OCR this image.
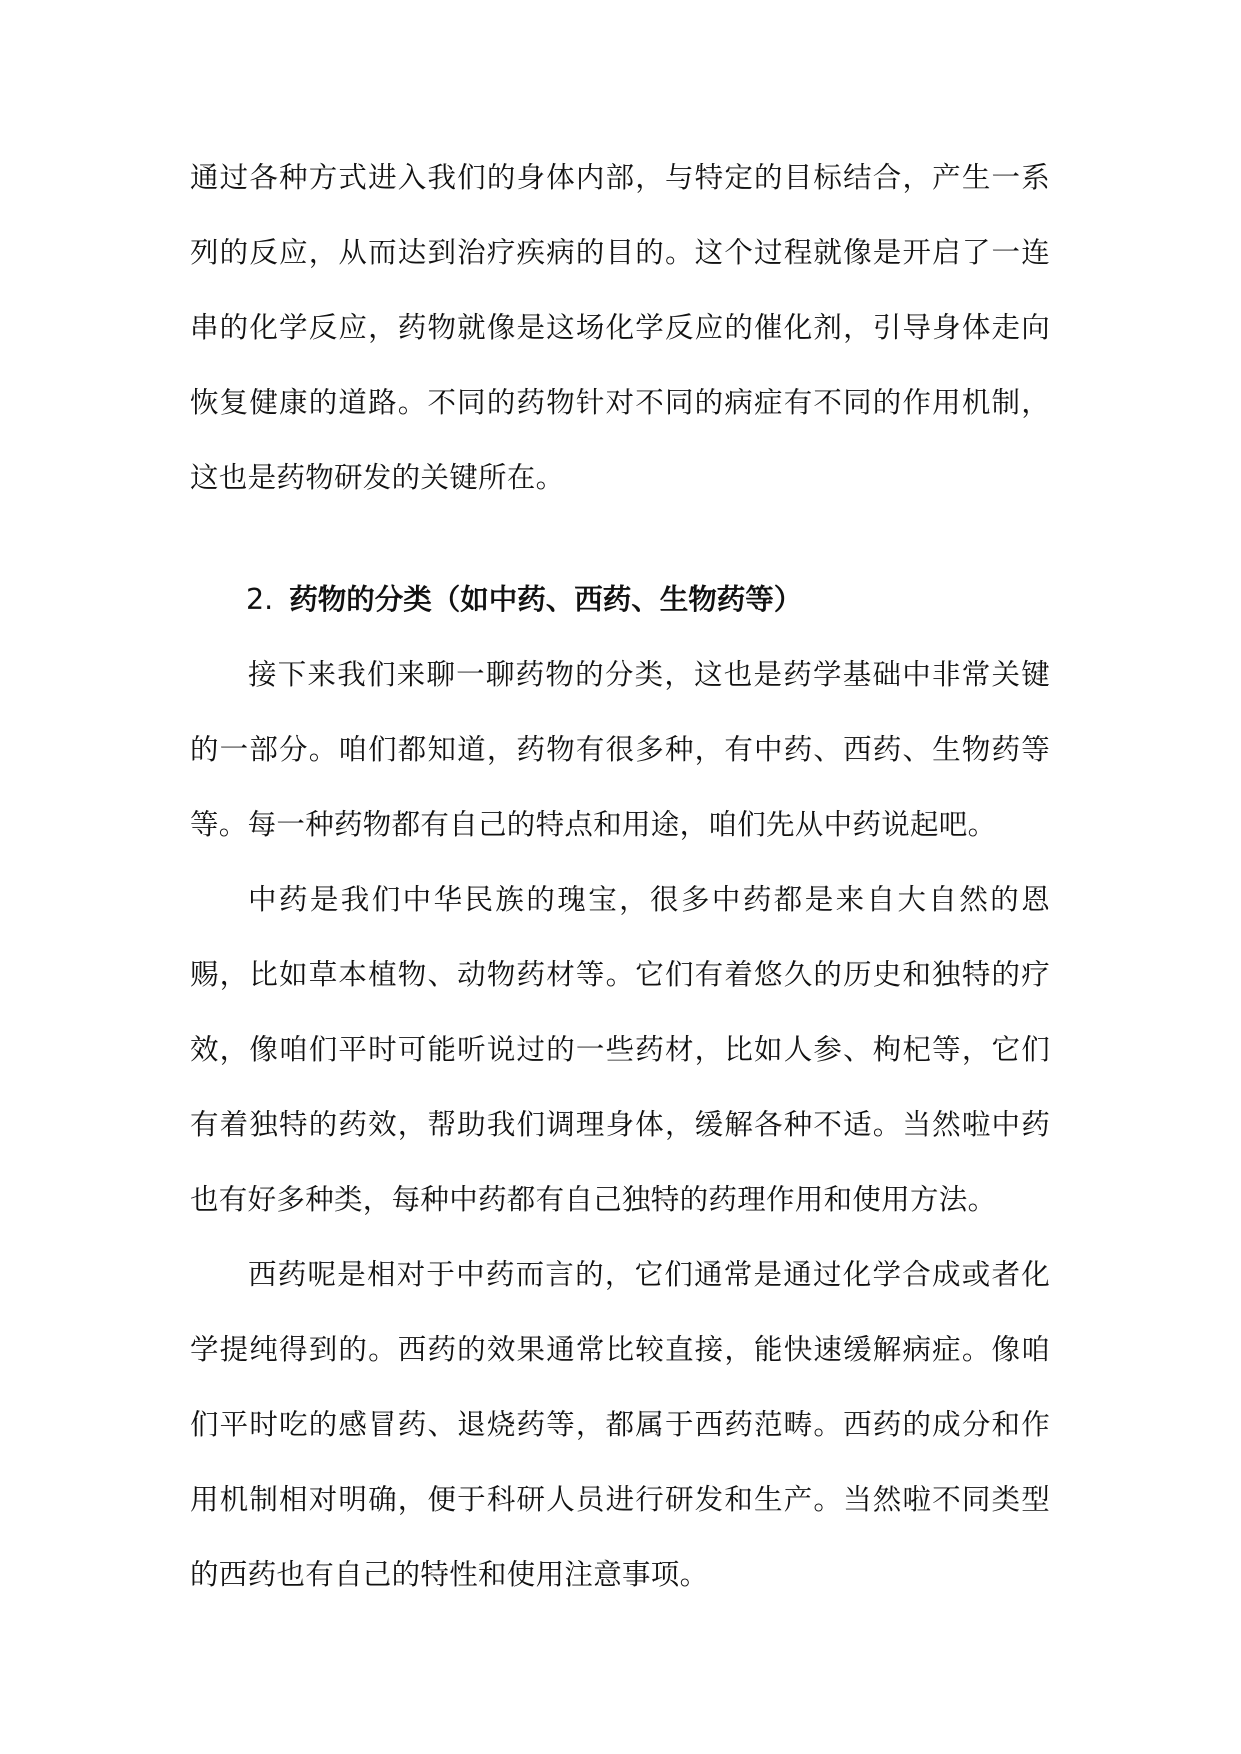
通过各种方式进入我们的身体内部，与特定的目标结合，产生一系列的反应，从而达到治疗疾病的目的。这个过程就像是开启了一连串的化学反应，药物就像是这场化学反应的催化剂，引导身体走向恢复健康的道路。不同的药物针对不同的病症有不同的作用机制，这也是药物研发的关键所在。

2. 药物的分类（如中药、西药、生物药等）

接下来我们来聊一聊药物的分类，这也是药学基础中非常关键的一部分。咱们都知道，药物有很多种，有中药、西药、生物药等等。每一种药物都有自己的特点和用途，咱们先从中药说起吧。

中药是我们中华民族的瑰宝，很多中药都是来自大自然的恩赐，比如草本植物、动物药材等。它们有着悠久的历史和独特的疗效，像咱们平时可能听说过的一些药材，比如人参、枸杞等，它们有着独特的药效，帮助我们调理身体，缓解各种不适。当然啦中药也有好多种类，每种中药都有自己独特的药理作用和使用方法。

西药呢是相对于中药而言的，它们通常是通过化学合成或者化学提纯得到的。西药的效果通常比较直接，能快速缓解病症。像咱们平时吃的感冒药、退烧药等，都属于西药范畴。西药的成分和作用机制相对明确，便于科研人员进行研发和生产。当然啦不同类型的西药也有自己的特性和使用注意事项。
